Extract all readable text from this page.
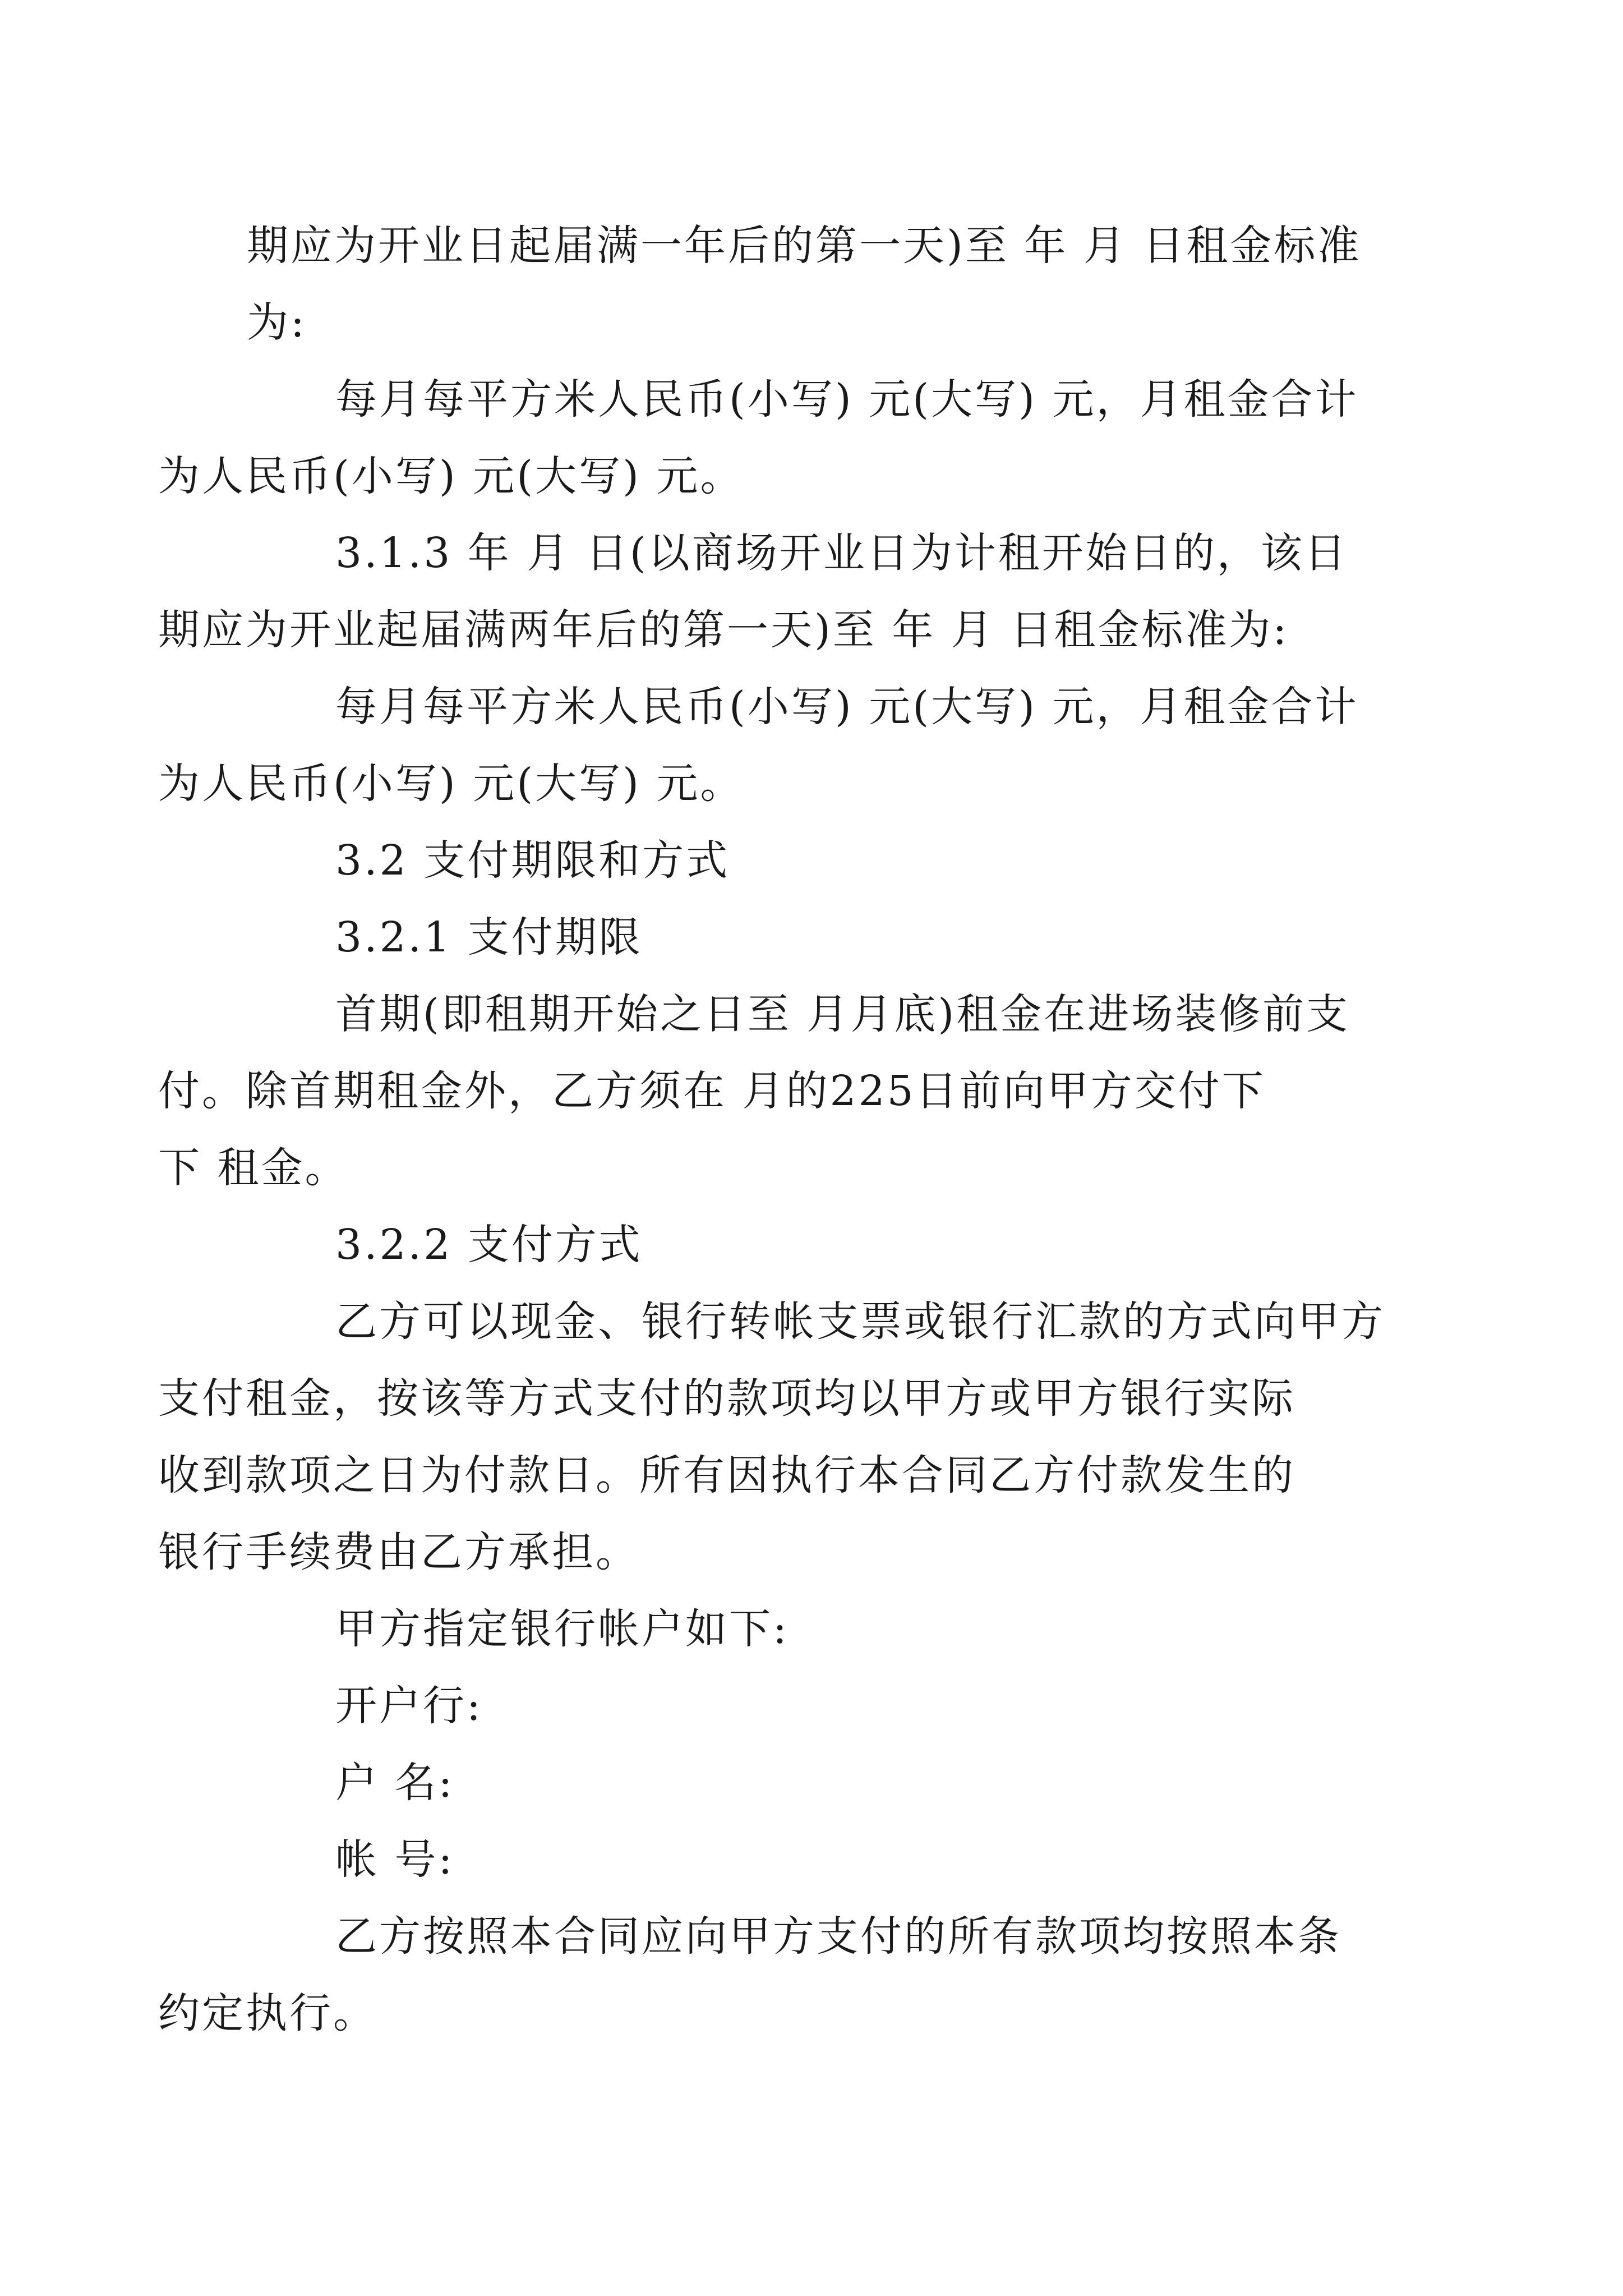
期应为开业日起届满一年后的第一天)至 年 月 日租金标准
为:

每月每平方米人民币(小写) 元(大写) 元，月租金合计
为人民币(小写) 元(大写) 元。

3.1.3 年 月 日(以商场开业日为计租开始日的，该日
期应为开业起届满两年后的第一天)至 年 月 日租金标准为:

每月每平方米人民币(小写) 元(大写) 元，月租金合计
为人民币(小写) 元(大写) 元。

3.2 支付期限和方式

3.2.1 支付期限

首期(即租期开始之日至 月月底)租金在进场装修前支
付。除首期租金外，乙方须在 月的225日前向甲方交付下
下 租金。

3.2.2 支付方式

乙方可以现金、银行转帐支票或银行汇款的方式向甲方
支付租金，按该等方式支付的款项均以甲方或甲方银行实际
收到款项之日为付款日。所有因执行本合同乙方付款发生的
银行手续费由乙方承担。

甲方指定银行帐户如下:

开户行:

户 名:

帐 号:

乙方按照本合同应向甲方支付的所有款项均按照本条
约定执行。
